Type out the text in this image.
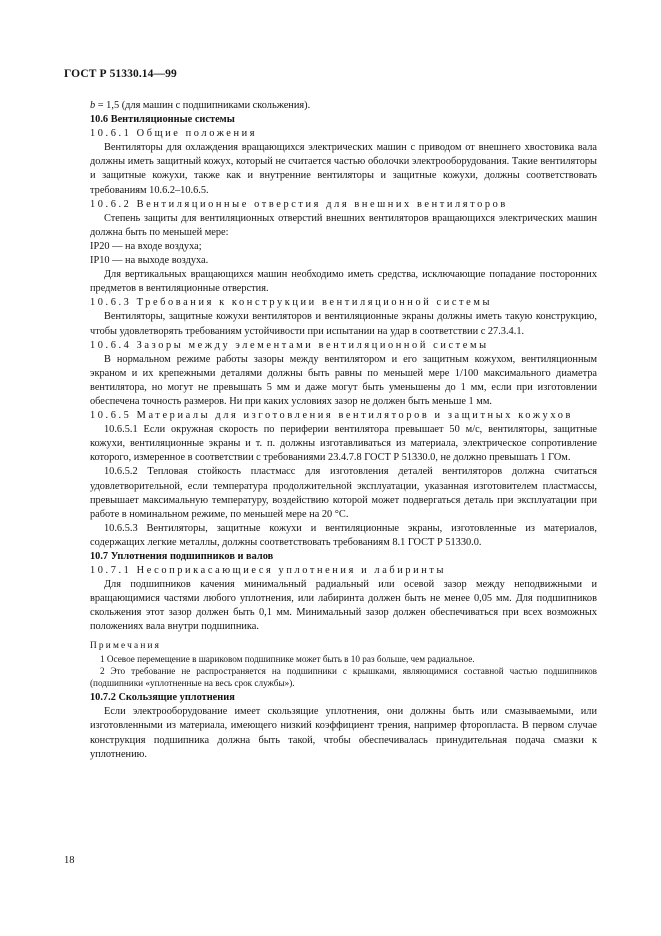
ГОСТ Р 51330.14—99

b = 1,5 (для машин с подшипниками скольжения).

10.6 Вентиляционные системы

10.6.1 Общие положения

Вентиляторы для охлаждения вращающихся электрических машин с приводом от внешнего хвостовика вала должны иметь защитный кожух, который не считается частью оболочки электрооборудования. Такие вентиляторы и защитные кожухи, также как и внутренние вентиляторы и защитные кожухи, должны соответствовать требованиям 10.6.2–10.6.5.

10.6.2 Вентиляционные отверстия для внешних вентиляторов

Степень защиты для вентиляционных отверстий внешних вентиляторов вращающихся электрических машин должна быть по меньшей мере:

IP20 — на входе воздуха;

IP10 — на выходе воздуха.

Для вертикальных вращающихся машин необходимо иметь средства, исключающие попадание посторонних предметов в вентиляционные отверстия.

10.6.3 Требования к конструкции вентиляционной системы

Вентиляторы, защитные кожухи вентиляторов и вентиляционные экраны должны иметь такую конструкцию, чтобы удовлетворять требованиям устойчивости при испытании на удар в соответствии с 27.3.4.1.

10.6.4 Зазоры между элементами вентиляционной системы

В нормальном режиме работы зазоры между вентилятором и его защитным кожухом, вентиляционным экраном и их крепежными деталями должны быть равны по меньшей мере 1/100 максимального диаметра вентилятора, но могут не превышать 5 мм и даже могут быть уменьшены до 1 мм, если при изготовлении обеспечена точность размеров. Ни при каких условиях зазор не должен быть меньше 1 мм.

10.6.5 Материалы для изготовления вентиляторов и защитных кожухов

10.6.5.1 Если окружная скорость по периферии вентилятора превышает 50 м/с, вентиляторы, защитные кожухи, вентиляционные экраны и т. п. должны изготавливаться из материала, электрическое сопротивление которого, измеренное в соответствии с требованиями 23.4.7.8 ГОСТ Р 51330.0, не должно превышать 1 ГОм.

10.6.5.2 Тепловая стойкость пластмасс для изготовления деталей вентиляторов должна считаться удовлетворительной, если температура продолжительной эксплуатации, указанная изготовителем пластмассы, превышает максимальную температуру, воздействию которой может подвергаться деталь при эксплуатации при работе в номинальном режиме, по меньшей мере на 20 °С.

10.6.5.3 Вентиляторы, защитные кожухи и вентиляционные экраны, изготовленные из материалов, содержащих легкие металлы, должны соответствовать требованиям 8.1 ГОСТ Р 51330.0.

10.7 Уплотнения подшипников и валов

10.7.1 Несоприкасающиеся уплотнения и лабиринты

Для подшипников качения минимальный радиальный или осевой зазор между неподвижными и вращающимися частями любого уплотнения, или лабиринта должен быть не менее 0,05 мм. Для подшипников скольжения этот зазор должен быть 0,1 мм. Минимальный зазор должен обеспечиваться при всех возможных положениях вала внутри подшипника.

Примечания

1 Осевое перемещение в шариковом подшипнике может быть в 10 раз больше, чем радиальное.

2 Это требование не распространяется на подшипники с крышками, являющимися составной частью подшипников (подшипники «уплотненные на весь срок службы»).

10.7.2 Скользящие уплотнения

Если электрооборудование имеет скользящие уплотнения, они должны быть или смазываемыми, или изготовленными из материала, имеющего низкий коэффициент трения, например фторопласта. В первом случае конструкция подшипника должна быть такой, чтобы обеспечивалась принудительная подача смазки к уплотнению.

18
